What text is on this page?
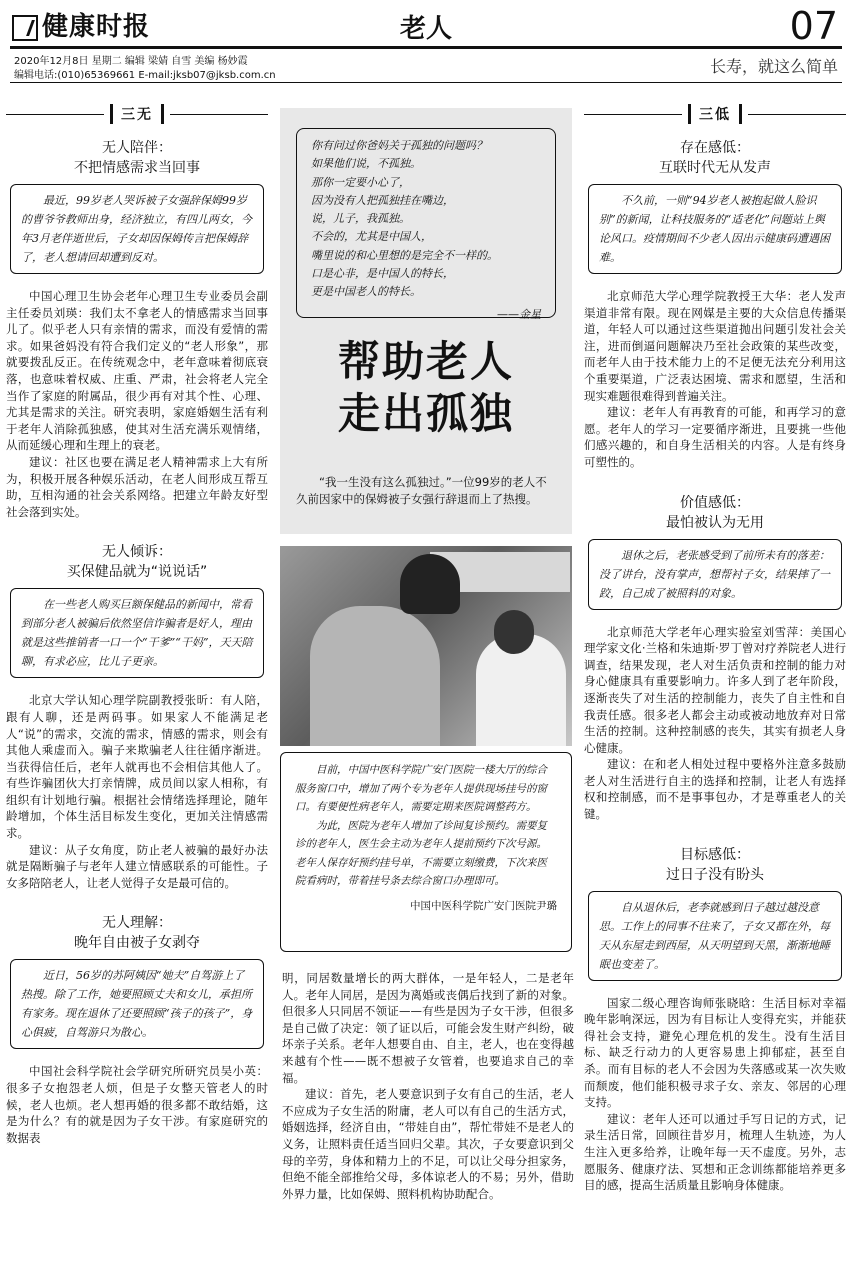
健康时报	老人	07
2020年12月8日 星期二 编辑 梁婧 自雪 美编 杨妙霞
编辑电话:(010)65369661 E-mail:jksb07@jksb.com.cn	长寿，就这么简单
三无
无人陪伴：
不把情感需求当回事
最近，99岁老人哭诉被子女强辞保姆99岁的曹爷爷教师出身，经济独立，有四儿两女，今年3月老伴逝世后，子女却因保姆传言把保姆辞了，老人想请回却遭到反对。

中国心理卫生协会老年心理卫生专业委员会副主任委员刘瑛：我们太不拿老人的情感需求当回事儿了。似乎老人只有亲情的需求，而没有爱情的需求。如果爸妈没有符合我们定义的“老人形象”，那就要拨乱反正。在传统观念中，老年意味着彻底衰落，也意味着权威、庄重、严肃，社会将老人完全当作了家庭的附属品，很少再有对其个性、心理、尤其是需求的关注。研究表明，家庭婚姻生活有利于老年人消除孤独感，使其对生活充满乐观情绪，从而延缓心理和生理上的衰老。

建议：社区也要在满足老人精神需求上大有所为，积极开展各种娱乐活动，在老人间形成互帮互助，互相沟通的社会关系网络。把建立年龄友好型社会落到实处。

无人倾诉：
买保健品就为“说说话”
在一些老人购买巨额保健品的新闻中，常看到部分老人被骗后依然坚信诈骗者是好人，理由就是这些推销者一口一个“干爹”“干妈”，天天陪聊，有求必应，比儿子更亲。

北京大学认知心理学院副教授张昕：有人陪，跟有人聊，还是两码事。如果家人不能满足老人“说”的需求，交流的需求，情感的需求，则会有其他人乘虚而入。骗子来欺骗老人往往循序渐进。当获得信任后，老年人就再也不会相信其他人了。有些诈骗团伙大打亲情牌，成员间以家人相称，有组织有计划地行骗。根据社会情绪选择理论，随年龄增加，个体生活目标发生变化，更加关注情感需求。

建议：从子女角度，防止老人被骗的最好办法就是隔断骗子与老年人建立情感联系的可能性。子女多陪陪老人，让老人觉得子女是最可信的。

无人理解：
晚年自由被子女剥夺
近日，56岁的苏阿姨因“她夫”自驾游上了热搜。除了工作，她要照顾丈夫和女儿，承担所有家务。现在退休了还要照顾“孩子的孩子”，身心俱疲，自驾游只为散心。

中国社会科学院社会学研究所研究员吴小英：很多子女抱怨老人烦，但是子女整天管老人的时候，老人也烦。老人想再婚的很多都不敢结婚，这是为什么？有的就是因为子女干涉。有家庭研究的数据表

你有问过你爸妈关于孤独的问题吗？
如果他们说，不孤独。
那你一定要小心了，
因为没有人把孤独挂在嘴边，
说，儿子，我孤独。
不会的，尤其是中国人，
嘴里说的和心里想的是完全不一样的。
口是心非，是中国人的特长，
更是中国老人的特长。
——金星
帮助老人
走出孤独
“我一生没有这么孤独过。”一位99岁的老人不久前因家中的保姆被子女强行辞退而上了热搜。

目前，中国中医科学院广安门医院一楼大厅的综合服务窗口中，增加了两个专为老年人提供现场挂号的窗口。有要便性病老年人，需要定期来医院调整药方。

为此，医院为老年人增加了诊间复诊预约。需要复诊的老年人，医生会主动为老年人提前预约下次号源。老年人保存好预约挂号单，不需要立刻缴费，下次来医院看病时，带着挂号条去综合窗口办理即可。

中国中医科学院广安门医院尹璐

明，同居数量增长的两大群体，一是年轻人，二是老年人。老年人同居，是因为离婚或丧偶后找到了新的对象。但很多人只同居不领证——有些是因为子女干涉，但很多是自己做了决定：领了证以后，可能会发生财产纠纷，破坏亲子关系。老年人想要自由、自主，老人，也在变得越来越有个性——既不想被子女管着，也要追求自己的幸福。

建议：首先，老人要意识到子女有自己的生活，老人不应成为子女生活的附庸，老人可以有自己的生活方式，婚姻选择，经济自由，“带娃自由”，帮忙带娃不是老人的义务，让照料责任适当回归父辈。其次，子女要意识到父母的辛劳，身体和精力上的不足，可以让父母分担家务，但绝不能全部推给父母，多体谅老人的不易；另外，借助外界力量，比如保姆、照料机构协助配合。

三低
存在感低：
互联时代无从发声
不久前，一则“94岁老人被抱起做人脸识别”的新闻，让科技服务的“适老化”问题站上舆论风口。疫情期间不少老人因出示健康码遭遇困难。

北京师范大学心理学院教授王大华：老人发声渠道非常有限。现在网媒是主要的大众信息传播渠道，年轻人可以通过这些渠道抛出问题引发社会关注，进而倒逼问题解决乃至社会政策的某些改变，而老年人由于技术能力上的不足便无法充分利用这个重要渠道，广泛表达困境、需求和愿望，生活和现实难题很难得到普遍关注。

建议：老年人有再教育的可能，和再学习的意愿。老年人的学习一定要循序渐进，且要挑一些他们感兴趣的，和自身生活相关的内容。人是有终身可塑性的。

价值感低：
最怕被认为无用
退休之后，老张感受到了前所未有的落差：没了讲台，没有掌声，想帮衬子女，结果摔了一跤，自己成了被照料的对象。

北京师范大学老年心理实验室刘雪萍：美国心理学家文化·兰格和朱迪斯·罗丁曾对疗养院老人进行调查，结果发现，老人对生活负责和控制的能力对身心健康具有重要影响力。许多人到了老年阶段，逐渐丧失了对生活的控制能力，丧失了自主性和自我责任感。很多老人都会主动或被动地放弃对日常生活的控制。这种控制感的丧失，其实有损老人身心健康。

建议：在和老人相处过程中要格外注意多鼓励老人对生活进行自主的选择和控制，让老人有选择权和控制感，而不是事事包办，才是尊重老人的关键。

目标感低：
过日子没有盼头
自从退休后，老李就感到日子越过越没意思。工作上的同事不往来了，子女又都在外，每天从东屋走到西屋，从天明望到天黑，渐渐地睡眠也变差了。

国家二级心理咨询师张晓晗：生活目标对幸福晚年影响深远，因为有目标让人变得充实，并能获得社会支持，避免心理危机的发生。没有生活目标、缺乏行动力的人更容易患上抑郁症，甚至自杀。而有目标的老人不会因为失落感或某一次失败而颓废，他们能积极寻求子女、亲友、邻居的心理支持。

建议：老年人还可以通过手写日记的方式，记录生活日常，回顾往昔岁月，梳理人生轨迹，为人生注入更多给养，让晚年每一天不虚度。另外，志愿服务、健康疗法、冥想和正念训练都能培养更多目的感，提高生活质量且影响身体健康。
